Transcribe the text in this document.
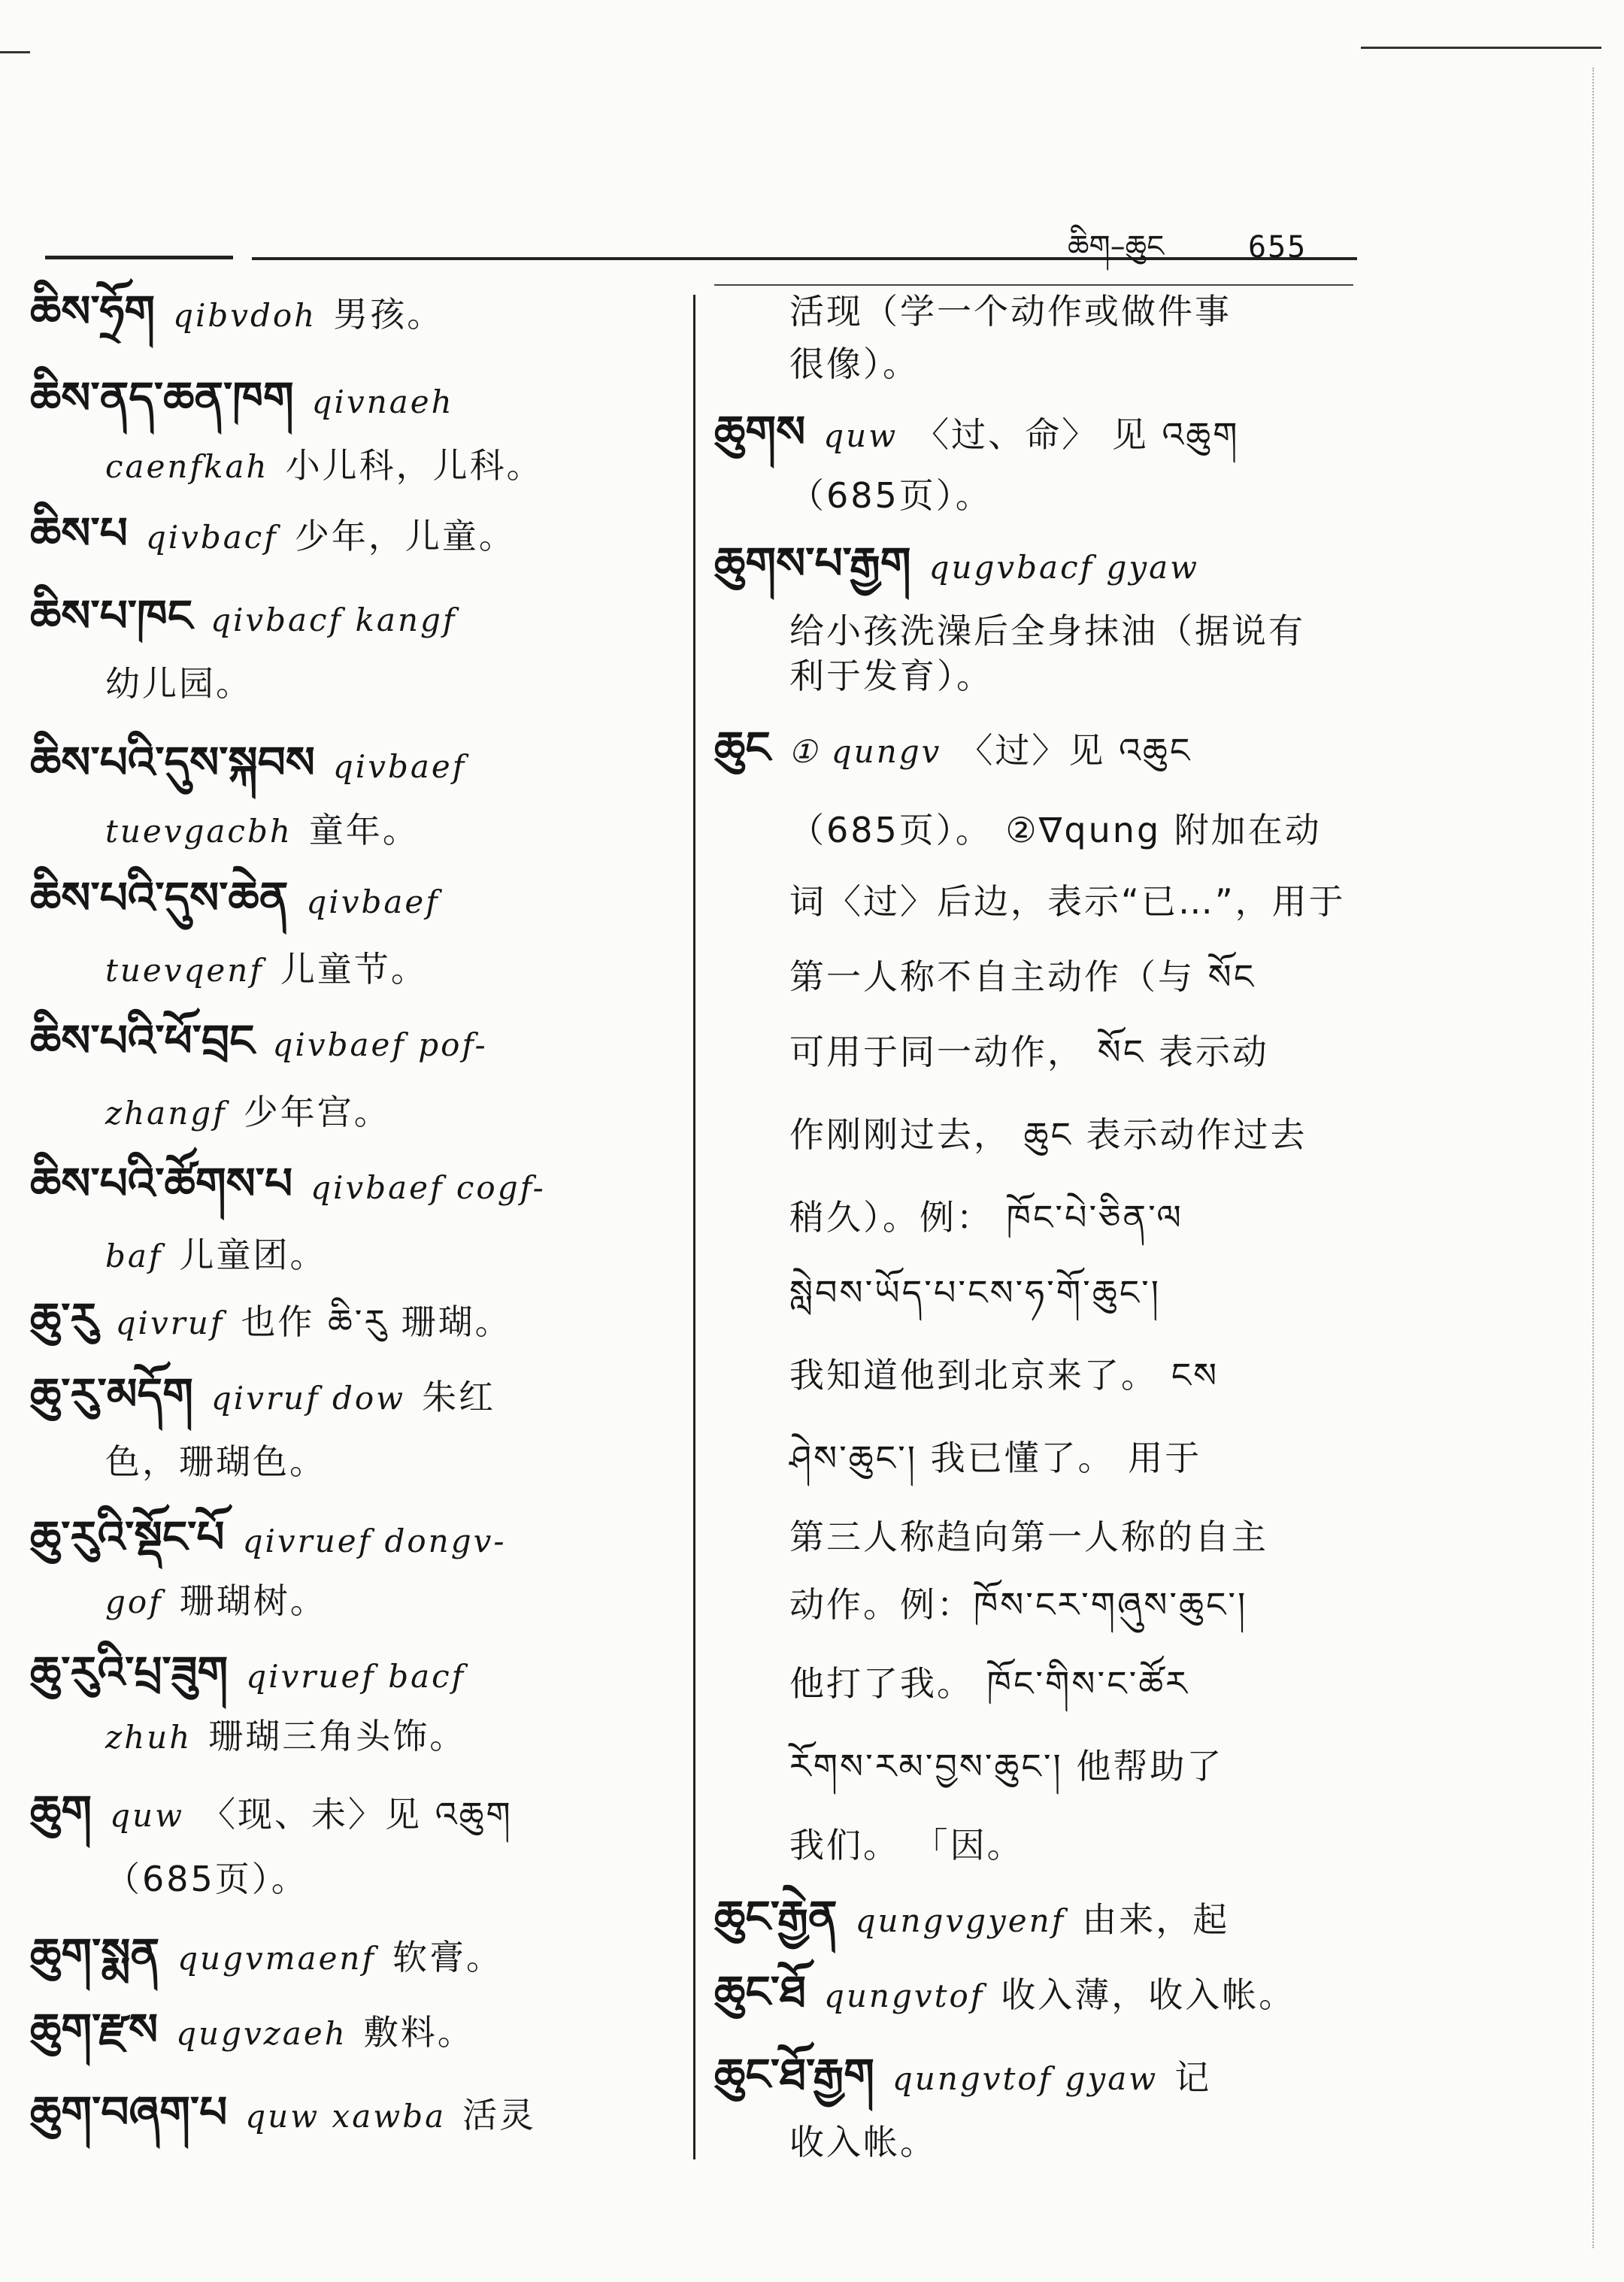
ཆིག–ཆུང	655
ཆིས་ཧྲོག qibvdoh 男孩。
ཆིས་ནད་ཆན་ཁག qivnaeh
caenfkah 小儿科，儿科。
ཆིས་པ qivbacf 少年，儿童。
ཆིས་པ་ཁང qivbacf kangf
幼儿园。
ཆིས་པའི་དུས་སྐབས qivbaef
tuevgacbh 童年。
ཆིས་པའི་དུས་ཆེན qivbaef
tuevqenf 儿童节。
ཆིས་པའི་ཕོ་བྲང qivbaef pof-
zhangf 少年宫。
ཆིས་པའི་ཚོགས་པ qivbaef cogf-
baf 儿童团。
ཆུ་རུ qivruf 也作 ཆི་རུ 珊瑚。
ཆུ་རུ་མདོག qivruf dow 朱红
色，珊瑚色。
ཆུ་རུའི་སྡོང་པོ qivruef dongv-
gof 珊瑚树。
ཆུ་རུའི་པྲ་ཟུག qivruef bacf
zhuh 珊瑚三角头饰。
ཆུག quw 〈现、未〉见 འཆུག
（685页）。
ཆུག་སྨན qugvmaenf 软膏。
ཆུག་རྫས qugvzaeh 敷料。
ཆུག་བཞག་པ quw xawba 活灵
活现（学一个动作或做件事
很像）。
ཆུགས quw 〈过、命〉 见 འཆུག
（685页）。
ཆུགས་པ་རྒྱག qugvbacf gyaw
给小孩洗澡后全身抹油（据说有
利于发育）。
ཆུང ① qungv 〈过〉见 འཆུང
（685页）。 ②∇qung 附加在动
词〈过〉后边，表示“已…”，用于
第一人称不自主动作（与 སོང
可用于同一动作， སོང 表示动
作刚刚过去， ཆུང 表示动作过去
稍久）。例： ཁོང་པེ་ཅིན་ལ
སླེབས་ཡོད་པ་ངས་ཧ་གོ་ཆུང་།
我知道他到北京来了。 ངས
ཤེས་ཆུང་། 我已懂了。 用于
第三人称趋向第一人称的自主
动作。例：ཁོས་ངར་གཞུས་ཆུང་།
他打了我。 ཁོང་གིས་ང་ཚོར
རོགས་རམ་བྱས་ཆུང་། 他帮助了
我们。 「因。
ཆུང་རྒྱེན qungvgyenf 由来，起
ཆུང་ཐོ qungvtof 收入薄，收入帐。
ཆུང་ཐོ་རྒྱག qungvtof gyaw 记
收入帐。
